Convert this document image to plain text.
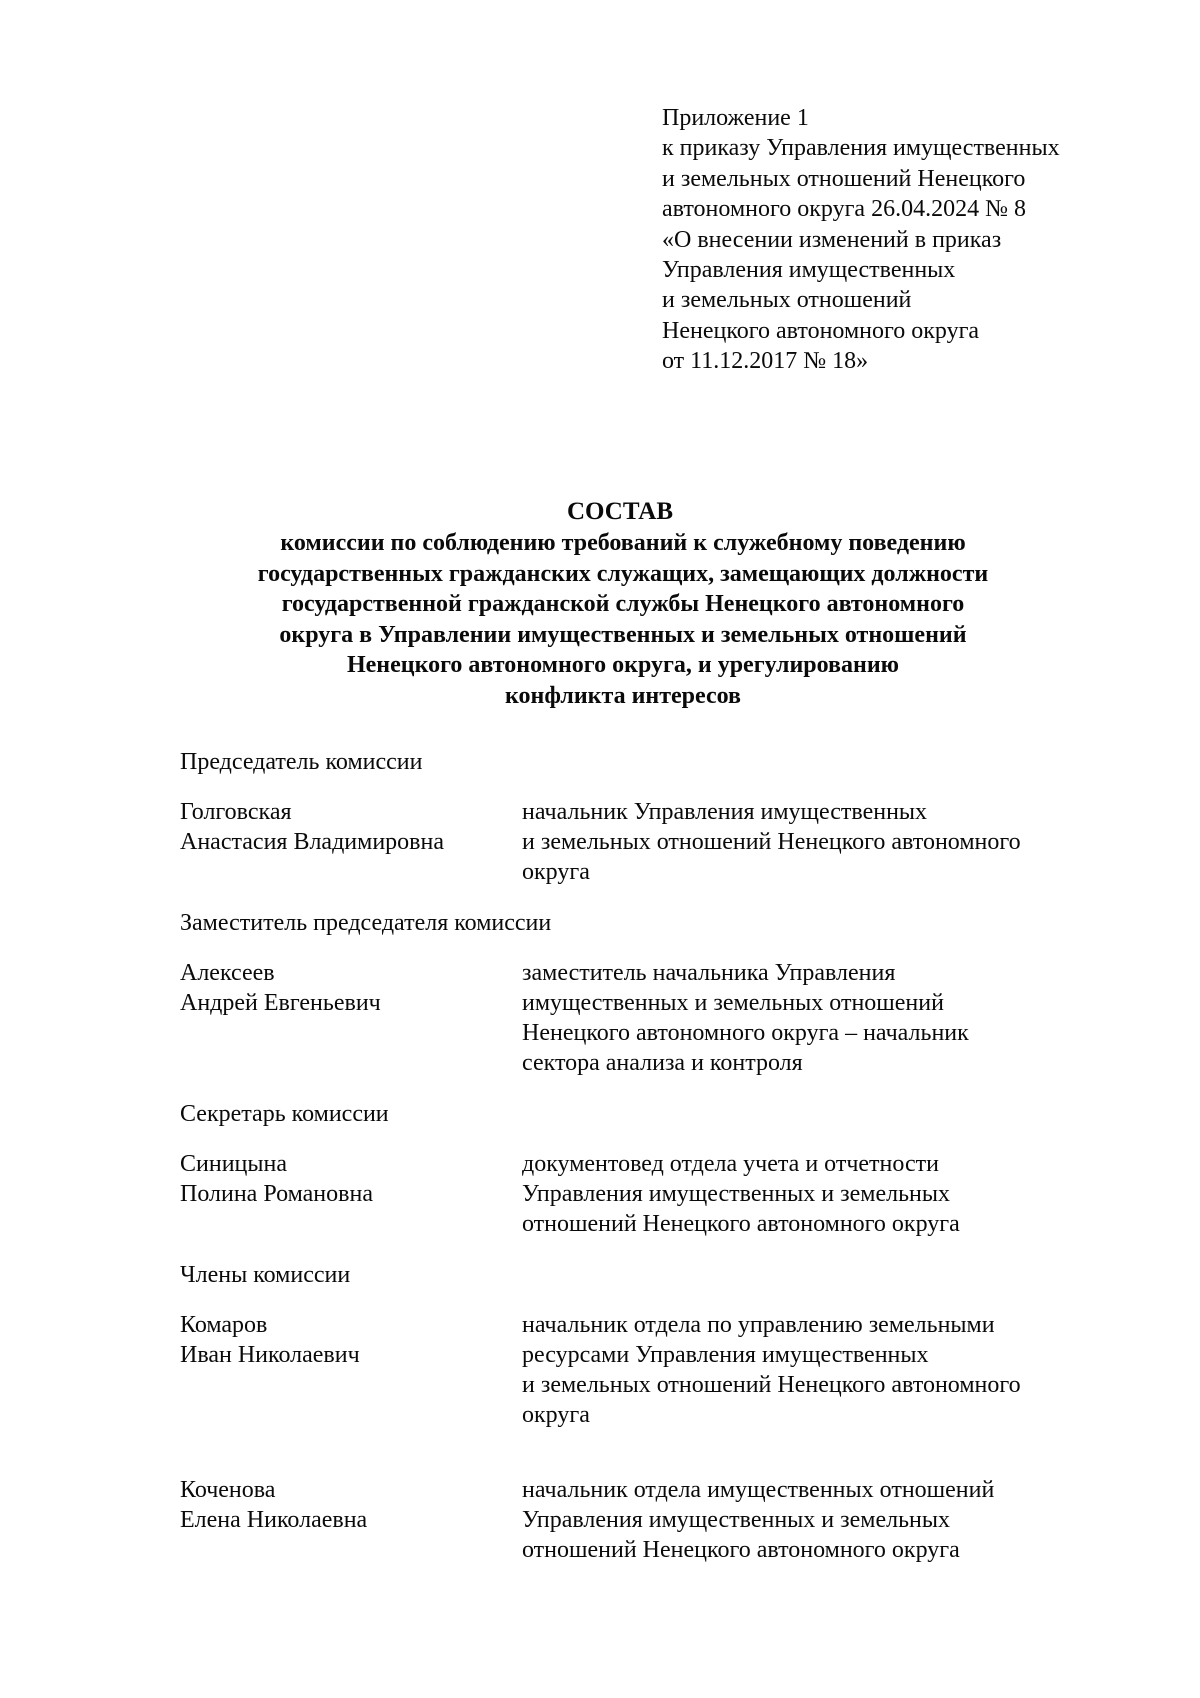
Приложение 1
к приказу Управления имущественных
и земельных отношений Ненецкого
автономного округа 26.04.2024 № 8
«О внесении изменений в приказ
Управления имущественных
и земельных отношений
Ненецкого автономного округа
от 11.12.2017 № 18»
СОСТАВ
комиссии по соблюдению требований к служебному поведению
государственных гражданских служащих, замещающих должности
государственной гражданской службы Ненецкого автономного
округа в Управлении имущественных и земельных отношений
Ненецкого автономного округа, и урегулированию
конфликта интересов
Председатель комиссии
Голговская
Анастасия Владимировна
начальник Управления имущественных
и земельных отношений Ненецкого автономного
округа
Заместитель председателя комиссии
Алексеев
Андрей Евгеньевич
заместитель начальника Управления
имущественных и земельных отношений
Ненецкого автономного округа – начальник
сектора анализа и контроля
Секретарь комиссии
Синицына
Полина Романовна
документовед отдела учета и отчетности
Управления имущественных и земельных
отношений Ненецкого автономного округа
Члены комиссии
Комаров
Иван Николаевич
начальник отдела по управлению земельными
ресурсами Управления имущественных
и земельных отношений Ненецкого автономного
округа
Коченова
Елена Николаевна
начальник отдела имущественных отношений
Управления имущественных и земельных
отношений Ненецкого автономного округа
